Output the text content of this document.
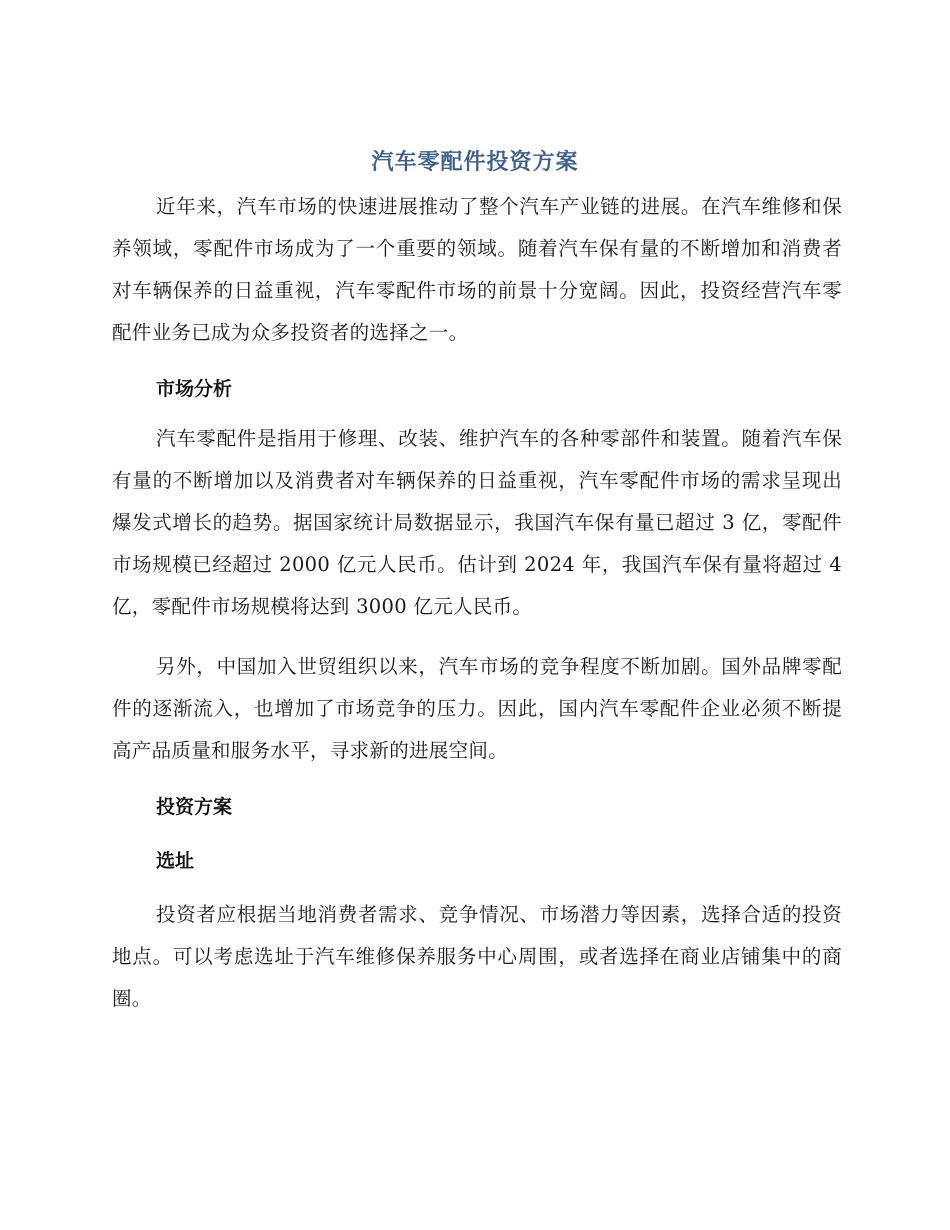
汽车零配件投资方案
近年来，汽车市场的快速进展推动了整个汽车产业链的进展。在汽车维修和保养领域，零配件市场成为了一个重要的领域。随着汽车保有量的不断增加和消费者对车辆保养的日益重视，汽车零配件市场的前景十分宽阔。因此，投资经营汽车零配件业务已成为众多投资者的选择之一。
市场分析
汽车零配件是指用于修理、改装、维护汽车的各种零部件和装置。随着汽车保有量的不断增加以及消费者对车辆保养的日益重视，汽车零配件市场的需求呈现出爆发式增长的趋势。据国家统计局数据显示，我国汽车保有量已超过 3 亿，零配件市场规模已经超过 2000 亿元人民币。估计到 2024 年，我国汽车保有量将超过 4 亿，零配件市场规模将达到 3000 亿元人民币。
另外，中国加入世贸组织以来，汽车市场的竞争程度不断加剧。国外品牌零配件的逐渐流入，也增加了市场竞争的压力。因此，国内汽车零配件企业必须不断提高产品质量和服务水平，寻求新的进展空间。
投资方案
选址
投资者应根据当地消费者需求、竞争情况、市场潜力等因素，选择合适的投资地点。可以考虑选址于汽车维修保养服务中心周围，或者选择在商业店铺集中的商圈。
